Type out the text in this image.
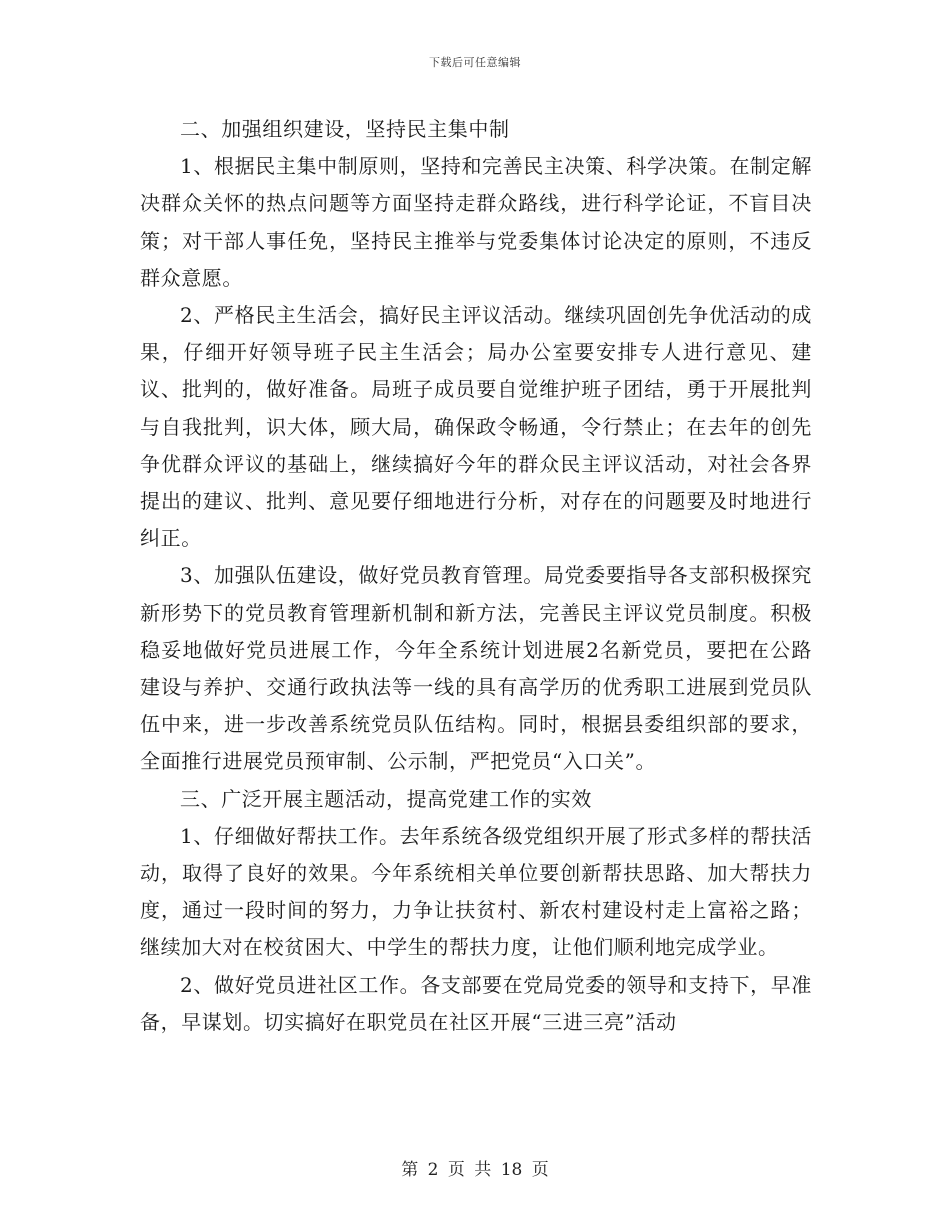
下载后可任意编辑

二、加强组织建设，坚持民主集中制

1、根据民主集中制原则，坚持和完善民主决策、科学决策。在制定解决群众关怀的热点问题等方面坚持走群众路线，进行科学论证，不盲目决策；对干部人事任免，坚持民主推举与党委集体讨论决定的原则，不违反群众意愿。

2、严格民主生活会，搞好民主评议活动。继续巩固创先争优活动的成果，仔细开好领导班子民主生活会；局办公室要安排专人进行意见、建议、批判的，做好准备。局班子成员要自觉维护班子团结，勇于开展批判与自我批判，识大体，顾大局，确保政令畅通，令行禁止；在去年的创先争优群众评议的基础上，继续搞好今年的群众民主评议活动，对社会各界提出的建议、批判、意见要仔细地进行分析，对存在的问题要及时地进行纠正。

3、加强队伍建设，做好党员教育管理。局党委要指导各支部积极探究新形势下的党员教育管理新机制和新方法，完善民主评议党员制度。积极稳妥地做好党员进展工作，今年全系统计划进展2名新党员，要把在公路建设与养护、交通行政执法等一线的具有高学历的优秀职工进展到党员队伍中来，进一步改善系统党员队伍结构。同时，根据县委组织部的要求，全面推行进展党员预审制、公示制，严把党员“入口关”。

三、广泛开展主题活动，提高党建工作的实效

1、仔细做好帮扶工作。去年系统各级党组织开展了形式多样的帮扶活动，取得了良好的效果。今年系统相关单位要创新帮扶思路、加大帮扶力度，通过一段时间的努力，力争让扶贫村、新农村建设村走上富裕之路；继续加大对在校贫困大、中学生的帮扶力度，让他们顺利地完成学业。

2、做好党员进社区工作。各支部要在党局党委的领导和支持下，早准备，早谋划。切实搞好在职党员在社区开展“三进三亮”活动

第 2 页 共 18 页
